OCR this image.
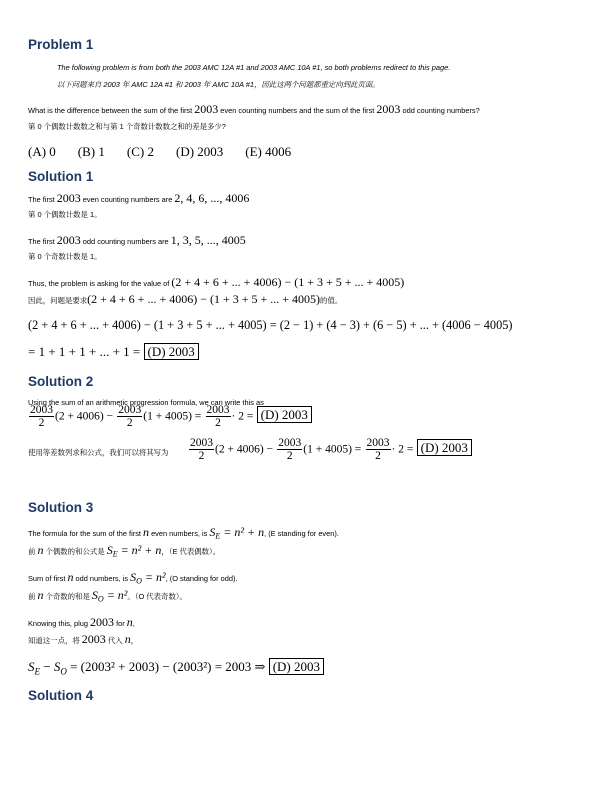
Problem 1
The following problem is from both the 2003 AMC 12A #1 and 2003 AMC 10A #1, so both problems redirect to this page.
以下问题来自 2003 年 AMC 12A #1 和 2003 年 AMC 10A #1，因此这两个问题都重定向到此页面。
What is the difference between the sum of the first 2003 even counting numbers and the sum of the first 2003 odd counting numbers?
第 0 个偶数计数数之和与第 1 个奇数计数数之和的差是多少?
(A) 0 (B) 1 (C) 2 (D) 2003 (E) 4006
Solution 1
The first 2003 even counting numbers are 2, 4, 6, ..., 4006
第 0 个偶数计数是 1。
The first 2003 odd counting numbers are 1, 3, 5, ..., 4005
第 0 个奇数计数是 1。
Thus, the problem is asking for the value of (2 + 4 + 6 + ... + 4006) − (1 + 3 + 5 + ... + 4005)
因此，问题是要求(2 + 4 + 6 + ... + 4006) − (1 + 3 + 5 + ... + 4005)的值。
(2 + 4 + 6 + ... + 4006) − (1 + 3 + 5 + ... + 4005) = (2 − 1) + (4 − 3) + (6 − 5) + ... + (4006 − 4005)
= 1 + 1 + 1 + ... + 1 = (D) 2003
Solution 2
Using the sum of an arithmetic progression formula, we can write this as
$\frac{2003}{2} (2 + 4006) - \frac{2003}{2} (1 + 4005) = \frac{2003}{2} \cdot 2 = (D)$ 2003
使用等差数列求和公式，我们可以将其写为 $\frac{2003}{2} (2 + 4006) - \frac{2003}{2} (1 + 4005) = \frac{2003}{2} \cdot 2 = (D)$ 2003
Solution 3
The formula for the sum of the first n even numbers, is $S_E = n^2 + n$, (E standing for even).
前 n 个偶数的和公式是 $S_E = n^2 + n$，（E 代表偶数）。
Sum of first n odd numbers, is $S_O = n^2$, (O standing for odd).
前 n 个奇数的和是 $S_O = n^2$。（O 代表奇数）。
Knowing this, plug 2003 for n,
知道这一点，将 2003 代入 n，
$S_E - S_O = (2003^2 + 2003) - (2003^2) = 2003$ ⇒ (D) 2003
Solution 4
